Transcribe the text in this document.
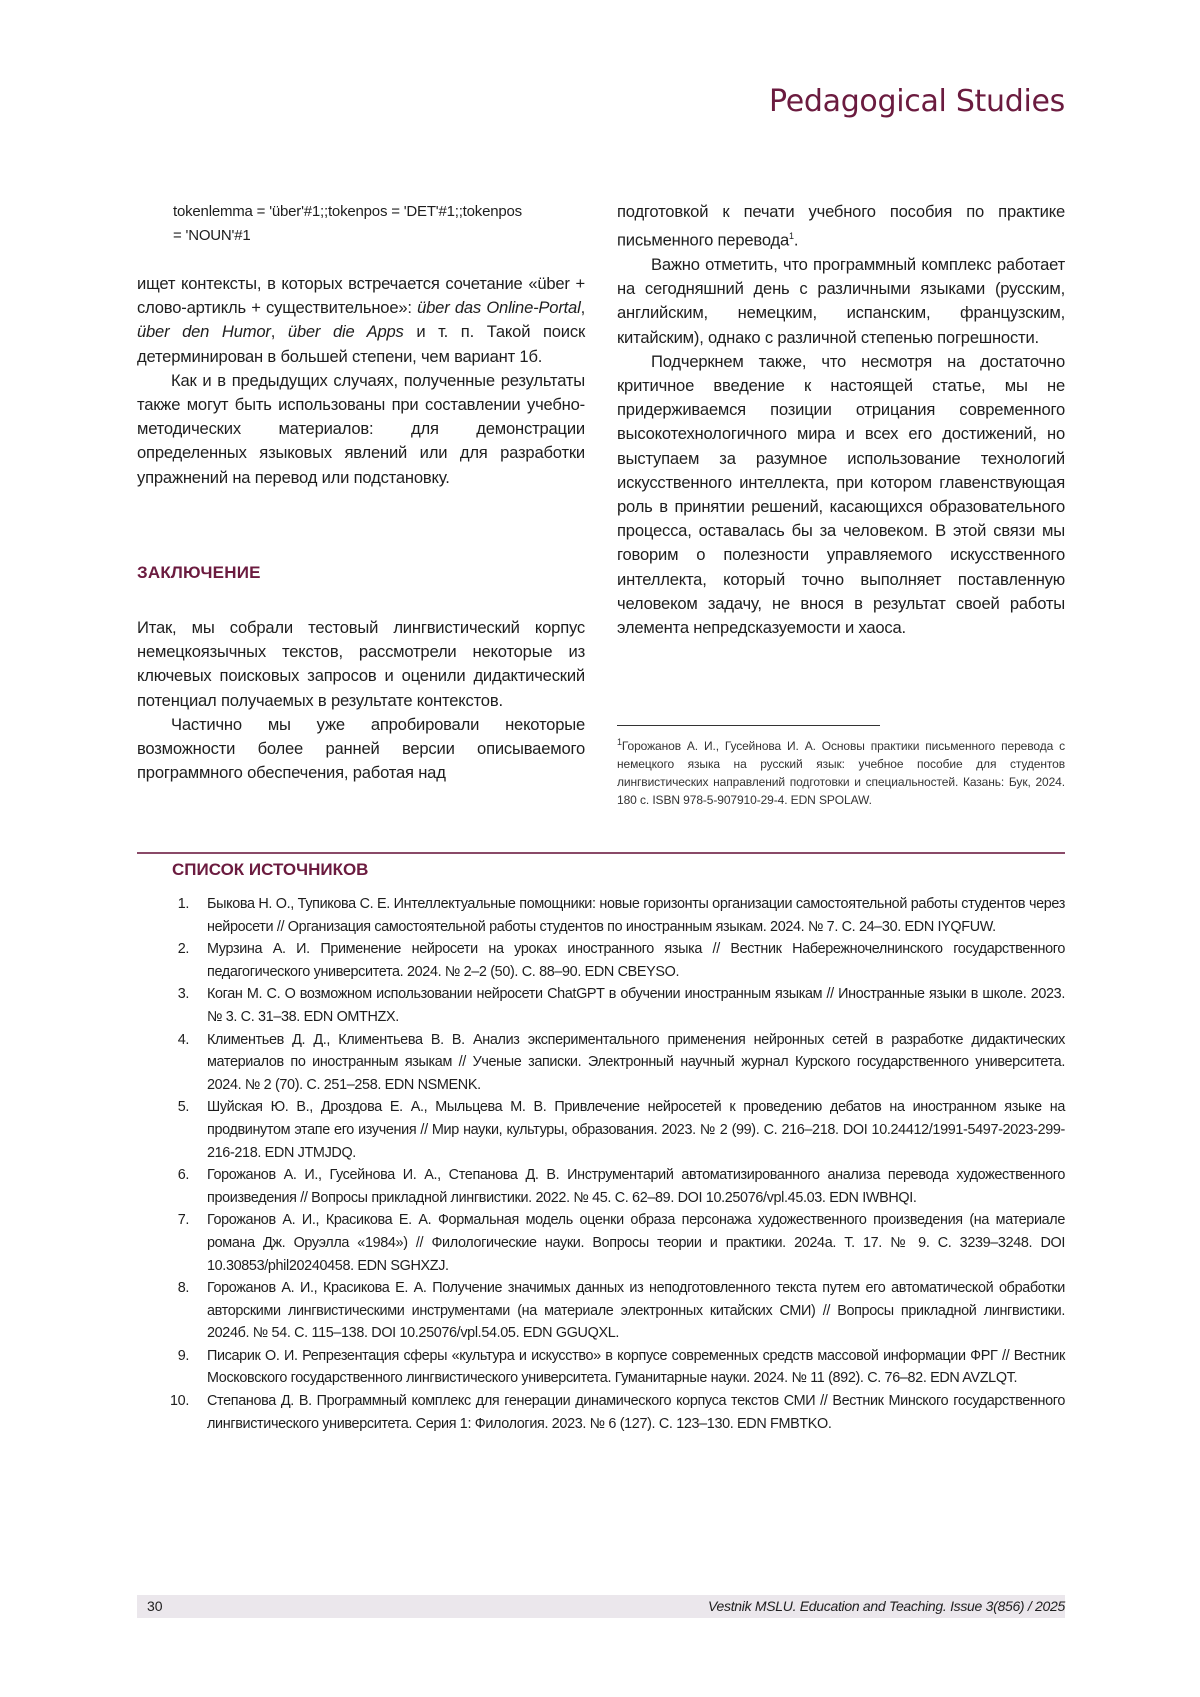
Pedagogical Studies
tokenlemma = 'über'#1;;tokenpos = 'DET'#1;;tokenpos
= 'NOUN'#1

ищет контексты, в которых встречается сочетание «über + слово-артикль + существительное»: über das Online-Portal, über den Humor, über die Apps и т. п. Такой поиск детерминирован в большей степени, чем вариант 1б.

Как и в предыдущих случаях, полученные результаты также могут быть использованы при составлении учебно-методических материалов: для демонстрации определенных языковых явлений или для разработки упражнений на перевод или подстановку.

ЗАКЛЮЧЕНИЕ

Итак, мы собрали тестовый лингвистический корпус немецкоязычных текстов, рассмотрели некоторые из ключевых поисковых запросов и оценили дидактический потенциал получаемых в результате контекстов.

Частично мы уже апробировали некоторые возможности более ранней версии описываемого программного обеспечения, работая над

подготовкой к печати учебного пособия по практике письменного перевода1.

Важно отметить, что программный комплекс работает на сегодняшний день с различными языками (русским, английским, немецким, испанским, французским, китайским), однако с различной степенью погрешности.

Подчеркнем также, что несмотря на достаточно критичное введение к настоящей статье, мы не придерживаемся позиции отрицания современного высокотехнологичного мира и всех его достижений, но выступаем за разумное использование технологий искусственного интеллекта, при котором главенствующая роль в принятии решений, касающихся образовательного процесса, оставалась бы за человеком. В этой связи мы говорим о полезности управляемого искусственного интеллекта, который точно выполняет поставленную человеком задачу, не внося в результат своей работы элемента непредсказуемости и хаоса.

1Горожанов А. И., Гусейнова И. А. Основы практики письменного перевода с немецкого языка на русский язык: учебное пособие для студентов лингвистических направлений подготовки и специальностей. Казань: Бук, 2024. 180 с. ISBN 978-5-907910-29-4. EDN SPOLAW.
СПИСОК ИСТОЧНИКОВ
1. Быкова Н. О., Тупикова С. Е. Интеллектуальные помощники: новые горизонты организации самостоятельной работы студентов через нейросети // Организация самостоятельной работы студентов по иностранным языкам. 2024. № 7. С. 24–30. EDN IYQFUW.
2. Мурзина А. И. Применение нейросети на уроках иностранного языка // Вестник Набережночелнинского государственного педагогического университета. 2024. № 2–2 (50). С. 88–90. EDN CBEYSO.
3. Коган М. С. О возможном использовании нейросети ChatGPT в обучении иностранным языкам // Иностранные языки в школе. 2023. № 3. С. 31–38. EDN OMTHZX.
4. Климентьев Д. Д., Климентьева В. В. Анализ экспериментального применения нейронных сетей в разработке дидактических материалов по иностранным языкам // Ученые записки. Электронный научный журнал Курского государственного университета. 2024. № 2 (70). С. 251–258. EDN NSMENK.
5. Шуйская Ю. В., Дроздова Е. А., Мыльцева М. В. Привлечение нейросетей к проведению дебатов на иностранном языке на продвинутом этапе его изучения // Мир науки, культуры, образования. 2023. № 2 (99). С. 216–218. DOI 10.24412/1991-5497-2023-299-216-218. EDN JTMJDQ.
6. Горожанов А. И., Гусейнова И. А., Степанова Д. В. Инструментарий автоматизированного анализа перевода художественного произведения // Вопросы прикладной лингвистики. 2022. № 45. С. 62–89. DOI 10.25076/vpl.45.03. EDN IWBHQI.
7. Горожанов А. И., Красикова Е. А. Формальная модель оценки образа персонажа художественного произведения (на материале романа Дж. Оруэлла «1984») // Филологические науки. Вопросы теории и практики. 2024а. Т. 17. № 9. С. 3239–3248. DOI 10.30853/phil20240458. EDN SGHXZJ.
8. Горожанов А. И., Красикова Е. А. Получение значимых данных из неподготовленного текста путем его автоматической обработки авторскими лингвистическими инструментами (на материале электронных китайских СМИ) // Вопросы прикладной лингвистики. 2024б. № 54. С. 115–138. DOI 10.25076/vpl.54.05. EDN GGUQXL.
9. Писарик О. И. Репрезентация сферы «культура и искусство» в корпусе современных средств массовой информации ФРГ // Вестник Московского государственного лингвистического университета. Гуманитарные науки. 2024. № 11 (892). С. 76–82. EDN AVZLQT.
10. Степанова Д. В. Программный комплекс для генерации динамического корпуса текстов СМИ // Вестник Минского государственного лингвистического университета. Серия 1: Филология. 2023. № 6 (127). С. 123–130. EDN FMBTKO.
30	Vestnik MSLU. Education and Teaching. Issue 3(856) / 2025
